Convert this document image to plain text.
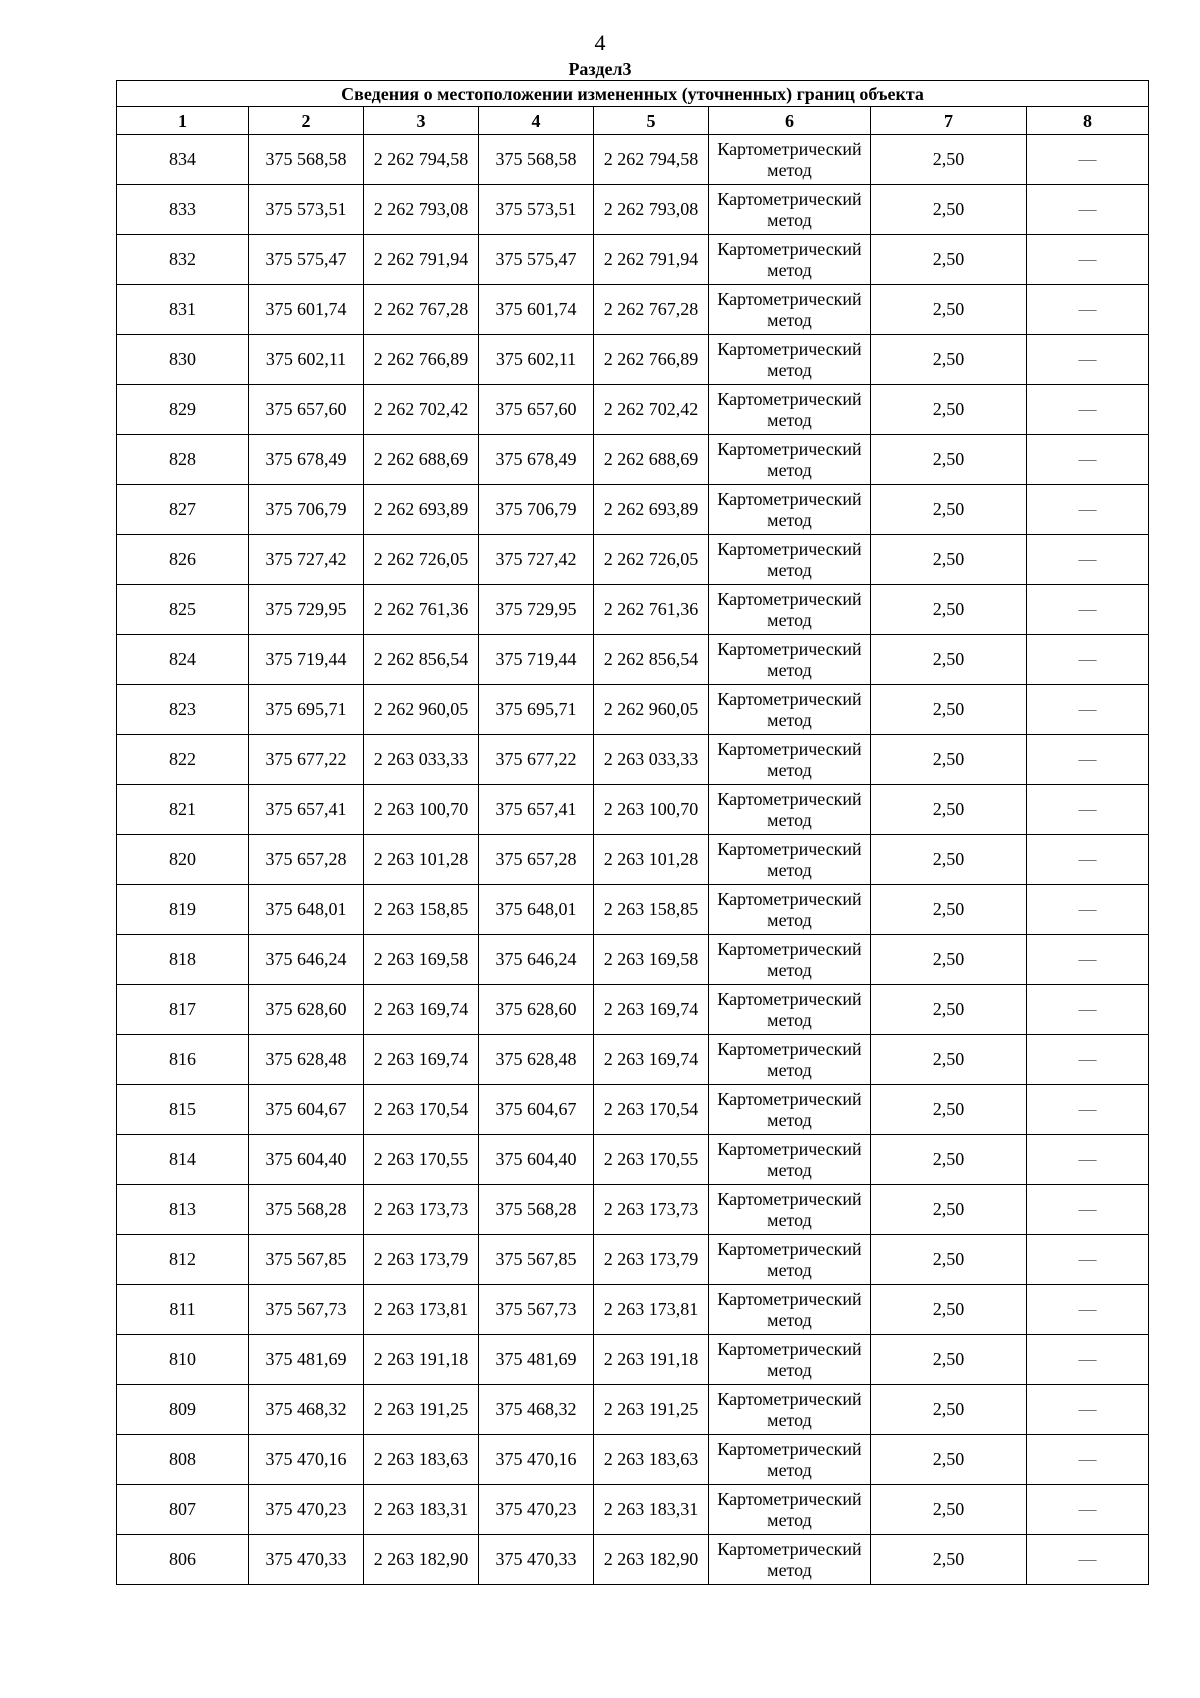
4
Раздел3
Сведения о местоположении измененных (уточненных) границ объекта							
1	2	3	4	5	6	7	8
834	375 568,58	2 262 794,58	375 568,58	2 262 794,58	Картометрический метод	2,50	—
833	375 573,51	2 262 793,08	375 573,51	2 262 793,08	Картометрический метод	2,50	—
832	375 575,47	2 262 791,94	375 575,47	2 262 791,94	Картометрический метод	2,50	—
831	375 601,74	2 262 767,28	375 601,74	2 262 767,28	Картометрический метод	2,50	—
830	375 602,11	2 262 766,89	375 602,11	2 262 766,89	Картометрический метод	2,50	—
829	375 657,60	2 262 702,42	375 657,60	2 262 702,42	Картометрический метод	2,50	—
828	375 678,49	2 262 688,69	375 678,49	2 262 688,69	Картометрический метод	2,50	—
827	375 706,79	2 262 693,89	375 706,79	2 262 693,89	Картометрический метод	2,50	—
826	375 727,42	2 262 726,05	375 727,42	2 262 726,05	Картометрический метод	2,50	—
825	375 729,95	2 262 761,36	375 729,95	2 262 761,36	Картометрический метод	2,50	—
824	375 719,44	2 262 856,54	375 719,44	2 262 856,54	Картометрический метод	2,50	—
823	375 695,71	2 262 960,05	375 695,71	2 262 960,05	Картометрический метод	2,50	—
822	375 677,22	2 263 033,33	375 677,22	2 263 033,33	Картометрический метод	2,50	—
821	375 657,41	2 263 100,70	375 657,41	2 263 100,70	Картометрический метод	2,50	—
820	375 657,28	2 263 101,28	375 657,28	2 263 101,28	Картометрический метод	2,50	—
819	375 648,01	2 263 158,85	375 648,01	2 263 158,85	Картометрический метод	2,50	—
818	375 646,24	2 263 169,58	375 646,24	2 263 169,58	Картометрический метод	2,50	—
817	375 628,60	2 263 169,74	375 628,60	2 263 169,74	Картометрический метод	2,50	—
816	375 628,48	2 263 169,74	375 628,48	2 263 169,74	Картометрический метод	2,50	—
815	375 604,67	2 263 170,54	375 604,67	2 263 170,54	Картометрический метод	2,50	—
814	375 604,40	2 263 170,55	375 604,40	2 263 170,55	Картометрический метод	2,50	—
813	375 568,28	2 263 173,73	375 568,28	2 263 173,73	Картометрический метод	2,50	—
812	375 567,85	2 263 173,79	375 567,85	2 263 173,79	Картометрический метод	2,50	—
811	375 567,73	2 263 173,81	375 567,73	2 263 173,81	Картометрический метод	2,50	—
810	375 481,69	2 263 191,18	375 481,69	2 263 191,18	Картометрический метод	2,50	—
809	375 468,32	2 263 191,25	375 468,32	2 263 191,25	Картометрический метод	2,50	—
808	375 470,16	2 263 183,63	375 470,16	2 263 183,63	Картометрический метод	2,50	—
807	375 470,23	2 263 183,31	375 470,23	2 263 183,31	Картометрический метод	2,50	—
806	375 470,33	2 263 182,90	375 470,33	2 263 182,90	Картометрический метод	2,50	—
